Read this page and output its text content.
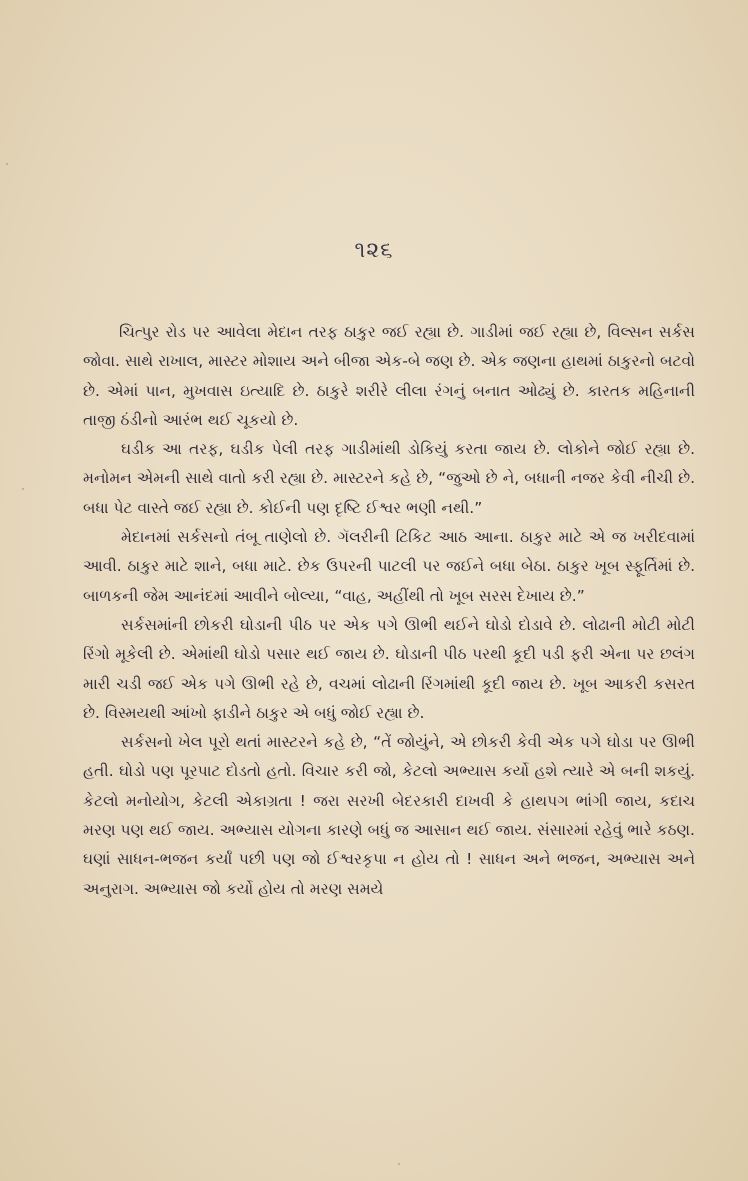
૧૨૬

ચિત્પુર રોડ પર આવેલા મેદાન તરફ ઠાકુર જઈ રહ્યા છે. ગાડીમાં જઈ રહ્યા છે, વિલ્સન સર્કસ જોવા. સાથે રાખાલ, માસ્ટર મોશાય અને બીજા એક-બે જણ છે. એક જણના હાથમાં ઠાકુરનો બટવો છે. એમાં પાન, મુખવાસ ઇત્યાદિ છે. ઠાકુરે શરીરે લીલા રંગનું બનાત ઓઢ્યું છે. કારતક મહિનાની તાજી ઠંડીનો આરંભ થઈ ચૂકયો છે.

ઘડીક આ તરફ, ઘડીક પેલી તરફ ગાડીમાંથી ડોકિયું કરતા જાય છે. લોકોને જોઈ રહ્યા છે. મનોમન એમની સાથે વાતો કરી રહ્યા છે. માસ્ટરને કહે છે, “જુઓ છે ને, બધાની નજર કેવી નીચી છે. બધા પેટ વાસ્તે જઈ રહ્યા છે. કોઈની પણ દૃષ્ટિ ઈશ્વર ભણી નથી.”

મેદાનમાં સર્કસનો તંબૂ તાણેલો છે. ગૅલરીની ટિકિટ આઠ આના. ઠાકુર માટે એ જ ખરીદવામાં આવી. ઠાકુર માટે શાને, બધા માટે. છેક ઉપરની પાટલી પર જઈને બધા બેઠા. ઠાકુર ખૂબ સ્ફૂર્તિમાં છે. બાળકની જેમ આનંદમાં આવીને બોલ્યા, “વાહ, અહીંથી તો ખૂબ સરસ દેખાય છે.”

સર્કસમાંની છોકરી ઘોડાની પીઠ પર એક પગે ઊભી થઈને ઘોડો દોડાવે છે. લોઢાની મોટી મોટી રિંગો મૂકેલી છે. એમાંથી ઘોડો પસાર થઈ જાય છે. ઘોડાની પીઠ પરથી કૂદી પડી ફરી એના પર છલંગ મારી ચડી જઈ એક પગે ઊભી રહે છે, વચમાં લોઢાની રિંગમાંથી કૂદી જાય છે. ખૂબ આકરી કસરત છે. વિસ્મયથી આંખો ફાડીને ઠાકુર એ બધું જોઈ રહ્યા છે.

સર્કસનો ખેલ પૂરો થતાં માસ્ટરને કહે છે, “તેં જોયુંને, એ છોકરી કેવી એક પગે ઘોડા પર ઊભી હતી. ઘોડો પણ પૂરપાટ દોડતો હતો. વિચાર કરી જો, કેટલો અભ્યાસ કર્યો હશે ત્યારે એ બની શકયું. કેટલો મનોયોગ, કેટલી એકાગ્રતા ! જરા સરખી બેદરકારી દાખવી કે હાથપગ ભાંગી જાય, કદાચ મરણ પણ થઈ જાય. અભ્યાસ યોગના કારણે બધું જ આસાન થઈ જાય. સંસારમાં રહેવું ભારે કઠણ. ઘણાં સાધન-ભજન કર્યાં પછી પણ જો ઈશ્વરકૃપા ન હોય તો ! સાધન અને ભજન, અભ્યાસ અને અનુરાગ. અભ્યાસ જો કર્યો હોય તો મરણ સમયે
